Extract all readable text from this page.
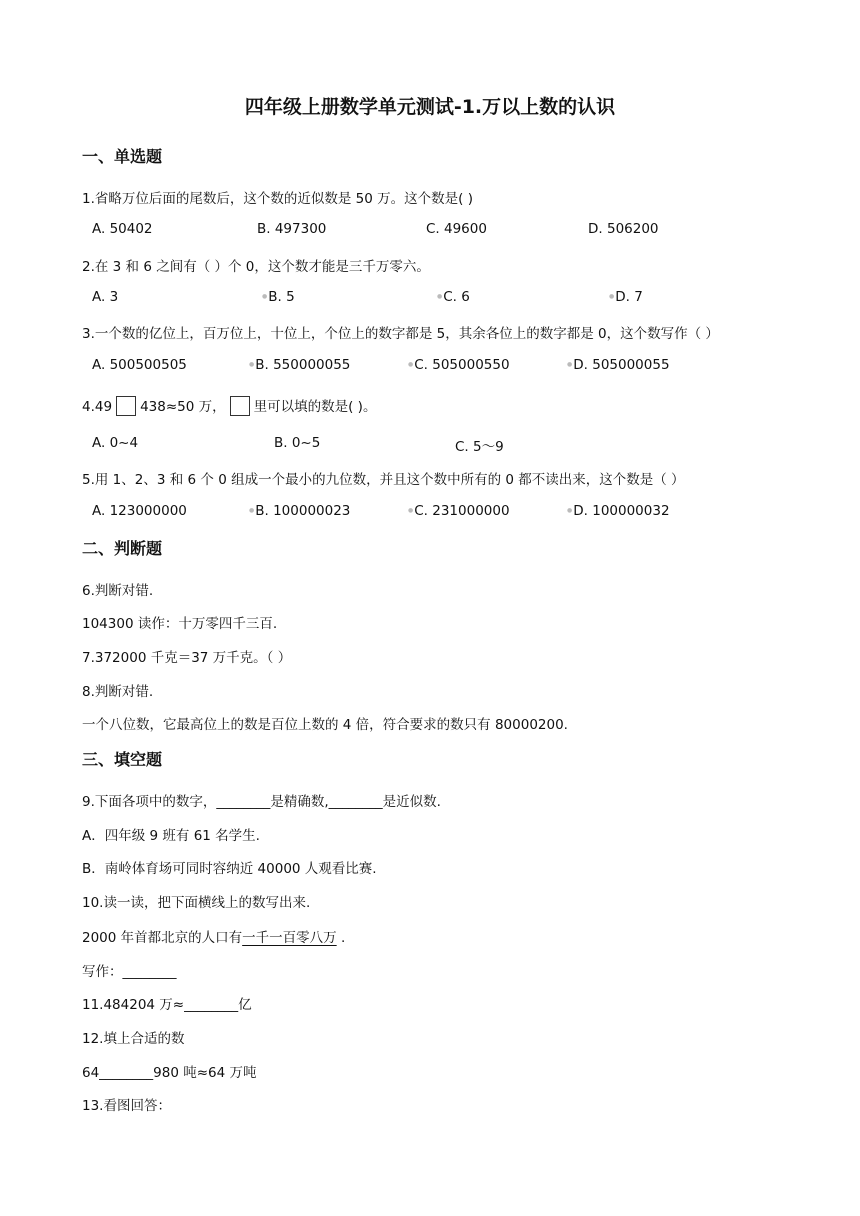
四年级上册数学单元测试-1.万以上数的认识
一、单选题
1.省略万位后面的尾数后，这个数的近似数是 50 万。这个数是( )
A. 50402	B. 497300	C. 49600	D. 506200
2.在 3 和 6 之间有（ ）个 0，这个数才能是三千万零六。
A. 3	●B. 5	●C. 6	●D. 7
3.一个数的亿位上，百万位上，十位上，个位上的数字都是 5，其余各位上的数字都是 0，这个数写作（ ）
A. 500500505	●B. 550000055	●C. 505000550	●D. 505000055
4.49 438≈50 万， 里可以填的数是( )。
A. 0~4	B. 0~5	C. 5～9
5.用 1、2、3 和 6 个 0 组成一个最小的九位数，并且这个数中所有的 0 都不读出来，这个数是（ ）
A. 123000000	●B. 100000023	●C. 231000000	●D. 100000032
二、判断题
6.判断对错.
104300 读作：十万零四千三百.
7.372000 千克＝37 万千克。（ ）
8.判断对错.
一个八位数，它最高位上的数是百位上数的 4 倍，符合要求的数只有 80000200.
三、填空题
9.下面各项中的数字，________是精确数,________是近似数.
A．四年级 9 班有 61 名学生.
B．南岭体育场可同时容纳近 40000 人观看比赛.
10.读一读，把下面横线上的数写出来.
2000 年首都北京的人口有一千一百零八万 .
写作：________
11.484204 万≈________亿
12.填上合适的数
64________980 吨≈64 万吨
13.看图回答：
